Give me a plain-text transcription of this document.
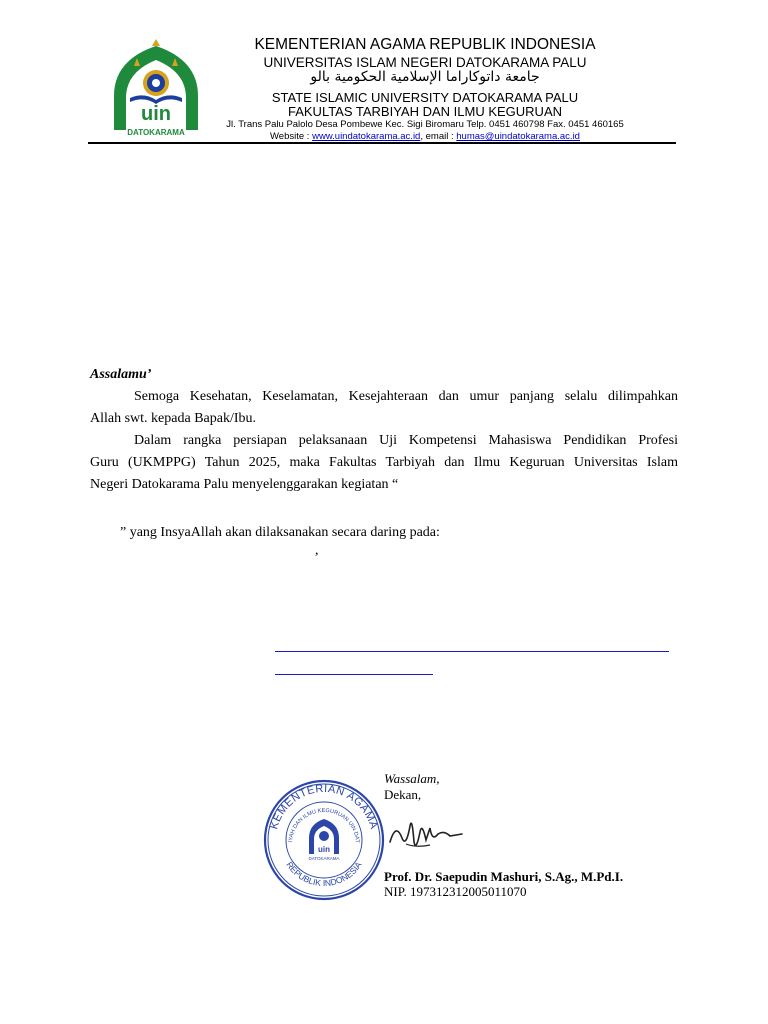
uin
DATOKARAMA
KEMENTERIAN AGAMA REPUBLIK INDONESIA
UNIVERSITAS ISLAM NEGERI DATOKARAMA PALU
جامعة داتوكاراما الإسلامية الحكومية بالو
STATE ISLAMIC UNIVERSITY DATOKARAMA PALU
FAKULTAS TARBIYAH DAN ILMU KEGURUAN
Jl. Trans Palu Palolo Desa Pombewe Kec. Sigi Biromaru Telp. 0451 460798 Fax. 0451 460165
Website : www.uindatokarama.ac.id, email : humas@uindatokarama.ac.id
Assalamu’
Semoga Kesehatan, Keselamatan, Kesejahteraan dan umur panjang selalu dilimpahkan
Allah swt. kepada Bapak/Ibu.
Dalam rangka persiapan pelaksanaan Uji Kompetensi Mahasiswa Pendidikan Profesi
Guru (UKMPPG) Tahun 2025, maka Fakultas Tarbiyah dan Ilmu Keguruan Universitas Islam
Negeri Datokarama Palu menyelenggarakan kegiatan “
” yang InsyaAllah akan dilaksanakan secara daring pada:
,
KEMENTERIAN AGAMA
REPUBLIK INDONESIA
IYAH DAN ILMU KEGURUAN UIN DAT
uin
DATOKARAMA
Wassalam,
Dekan,
Prof. Dr. Saepudin Mashuri, S.Ag., M.Pd.I.
NIP. 197312312005011070
